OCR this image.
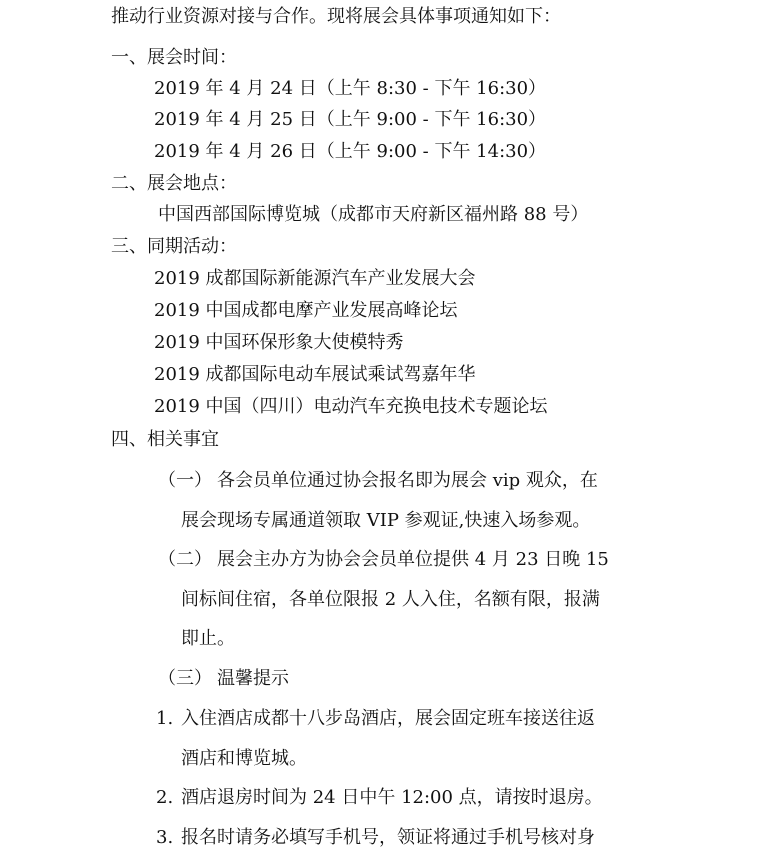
推动行业资源对接与合作。现将展会具体事项通知如下：
一、展会时间：
2019 年 4 月 24 日（上午 8:30 - 下午 16:30）
2019 年 4 月 25 日（上午 9:00 - 下午 16:30）
2019 年 4 月 26 日（上午 9:00 - 下午 14:30）
二、展会地点：
中国西部国际博览城（成都市天府新区福州路 88 号）
三、同期活动：
2019 成都国际新能源汽车产业发展大会
2019 中国成都电摩产业发展高峰论坛
2019 中国环保形象大使模特秀
2019 成都国际电动车展试乘试驾嘉年华
2019 中国（四川）电动汽车充换电技术专题论坛
四、相关事宜
（一） 各会员单位通过协会报名即为展会 vip 观众，在
展会现场专属通道领取 VIP 参观证,快速入场参观。
（二） 展会主办方为协会会员单位提供 4 月 23 日晚 15
间标间住宿，各单位限报 2 人入住，名额有限，报满
即止。
（三） 温馨提示
1. 入住酒店成都十八步岛酒店，展会固定班车接送往返
酒店和博览城。
2. 酒店退房时间为 24 日中午 12:00 点，请按时退房。
3. 报名时请务必填写手机号，领证将通过手机号核对身
